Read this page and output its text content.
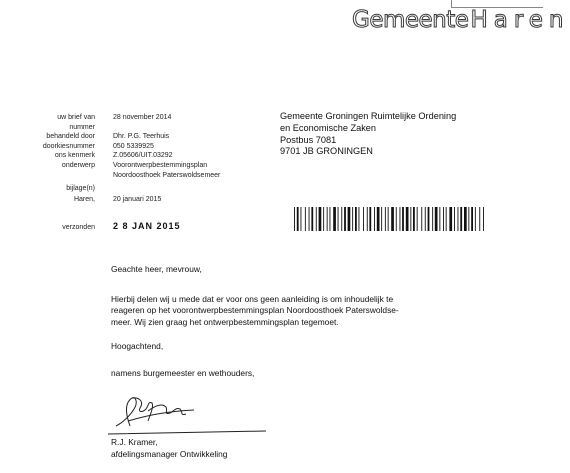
GemeenteHaren
uw brief van	28 november 2014
nummer
behandeld door	Dhr. P.G. Teerhuis
doorkiesnummer	050 5339925
ons kenmerk	Z.05606/UIT.03292
onderwerp	Voorontwerpbestemmingsplan
Noordoosthoek Paterswoldsemeer
bijlage(n)
Haren,	20 januari 2015
verzonden 2 8 JAN 2015
Gemeente Groningen Ruimtelijke Ordening
en Economische Zaken
Postbus 7081
9701 JB GRONINGEN
Geachte heer, mevrouw,
Hierbij delen wij u mede dat er voor ons geen aanleiding is om inhoudelijk te
reageren op het voorontwerpbestemmingsplan Noordoosthoek Paterswoldse-
meer. Wij zien graag het ontwerpbestemmingsplan tegemoet.
Hoogachtend,
namens burgemeester en wethouders,
R.J. Kramer,
afdelingsmanager Ontwikkeling
